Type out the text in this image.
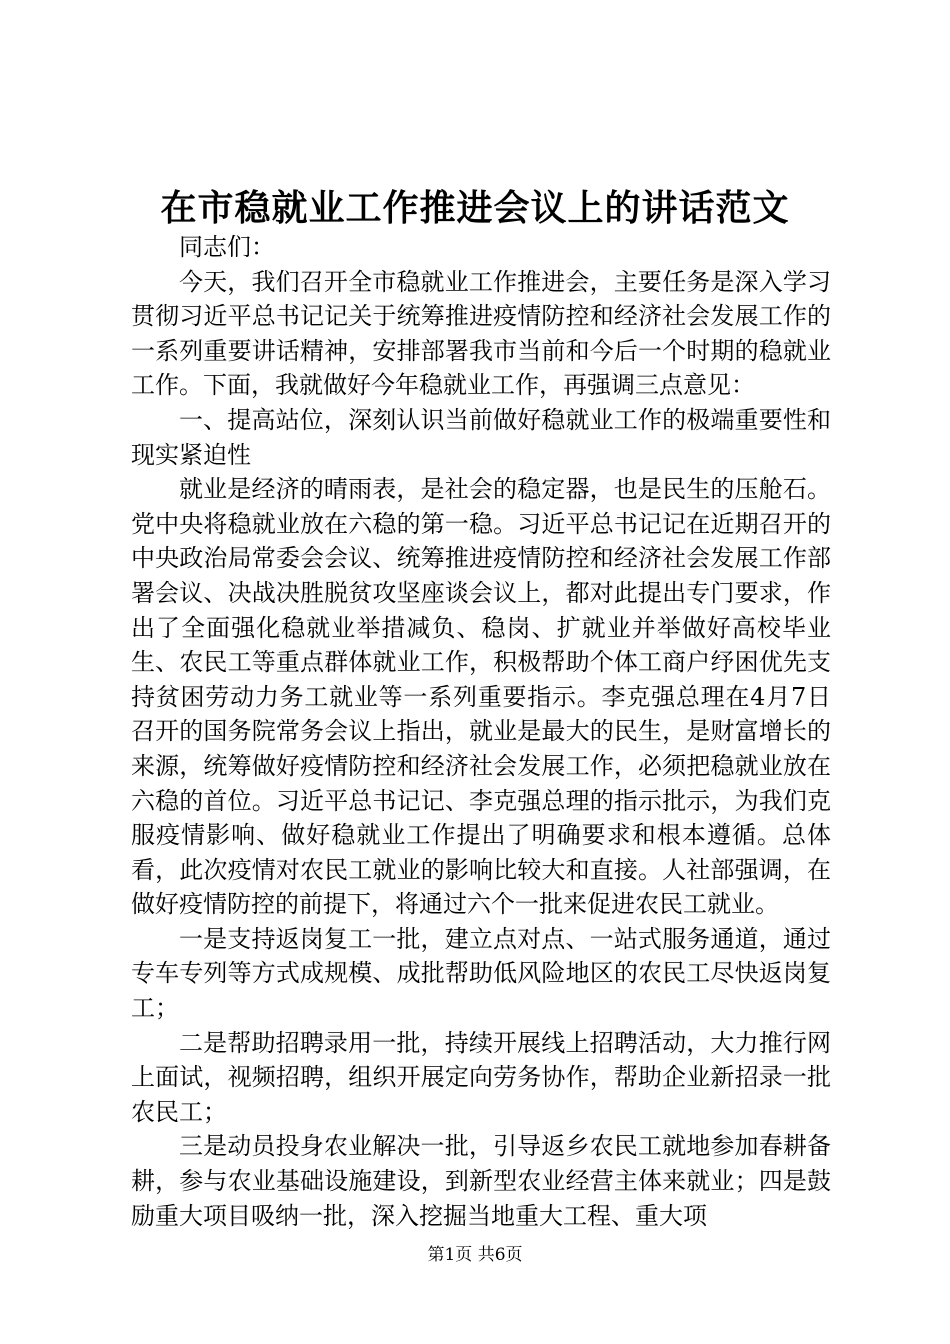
在市稳就业工作推进会议上的讲话范文

同志们：

今天，我们召开全市稳就业工作推进会，主要任务是深入学习贯彻习近平总书记记关于统筹推进疫情防控和经济社会发展工作的一系列重要讲话精神，安排部署我市当前和今后一个时期的稳就业工作。下面，我就做好今年稳就业工作，再强调三点意见：

一、提高站位，深刻认识当前做好稳就业工作的极端重要性和现实紧迫性

就业是经济的晴雨表，是社会的稳定器，也是民生的压舱石。党中央将稳就业放在六稳的第一稳。习近平总书记记在近期召开的中央政治局常委会会议、统筹推进疫情防控和经济社会发展工作部署会议、决战决胜脱贫攻坚座谈会议上，都对此提出专门要求，作出了全面强化稳就业举措减负、稳岗、扩就业并举做好高校毕业生、农民工等重点群体就业工作，积极帮助个体工商户纾困优先支持贫困劳动力务工就业等一系列重要指示。李克强总理在4月7日召开的国务院常务会议上指出，就业是最大的民生，是财富增长的来源，统筹做好疫情防控和经济社会发展工作，必须把稳就业放在六稳的首位。习近平总书记记、李克强总理的指示批示，为我们克服疫情影响、做好稳就业工作提出了明确要求和根本遵循。总体看，此次疫情对农民工就业的影响比较大和直接。人社部强调，在做好疫情防控的前提下，将通过六个一批来促进农民工就业。

一是支持返岗复工一批，建立点对点、一站式服务通道，通过专车专列等方式成规模、成批帮助低风险地区的农民工尽快返岗复工；

二是帮助招聘录用一批，持续开展线上招聘活动，大力推行网上面试，视频招聘，组织开展定向劳务协作，帮助企业新招录一批农民工；

三是动员投身农业解决一批，引导返乡农民工就地参加春耕备耕，参与农业基础设施建设，到新型农业经营主体来就业；四是鼓励重大项目吸纳一批，深入挖掘当地重大工程、重大项

第1页 共6页
